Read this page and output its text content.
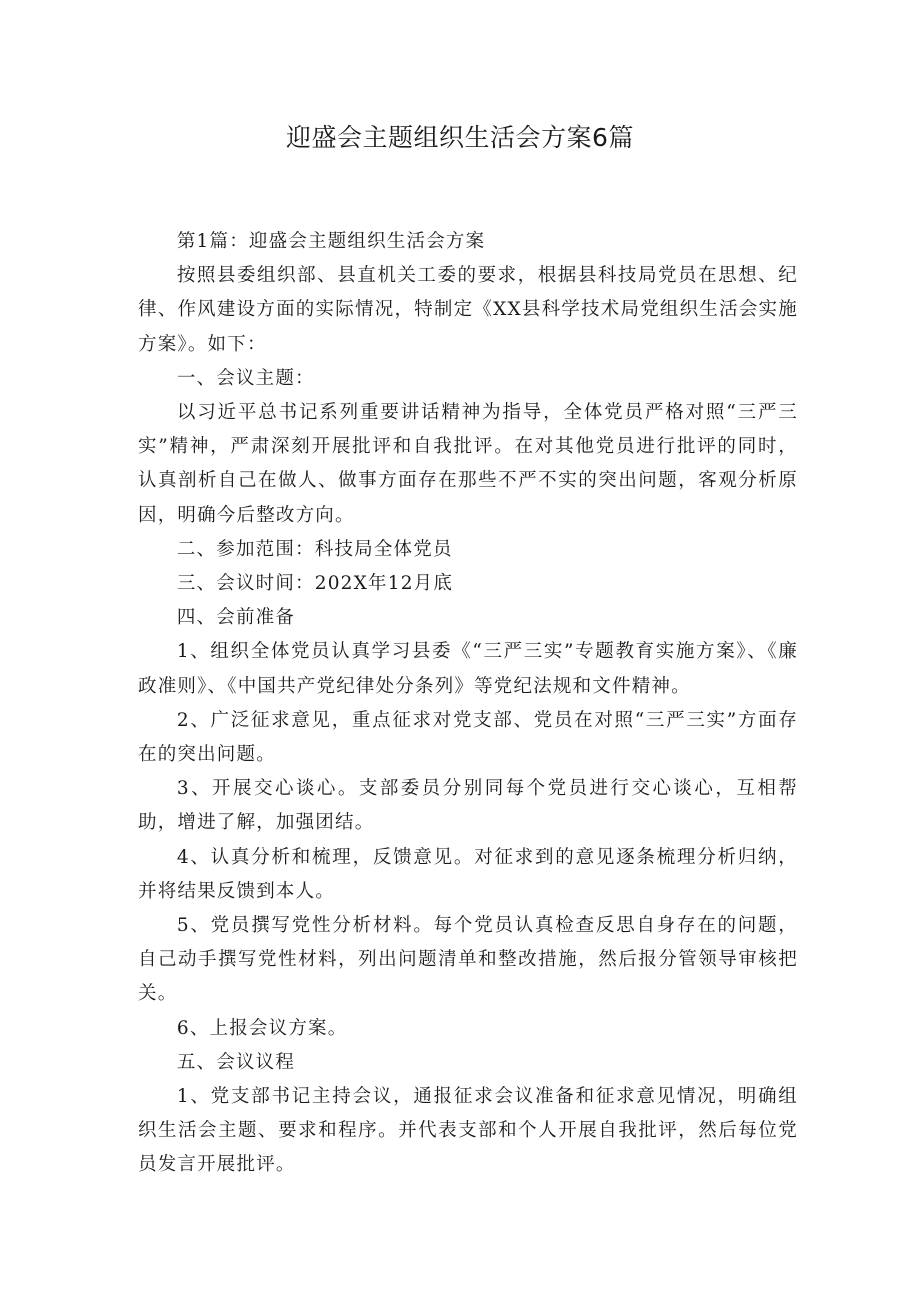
迎盛会主题组织生活会方案6篇

第1篇：迎盛会主题组织生活会方案

按照县委组织部、县直机关工委的要求，根据县科技局党员在思想、纪律、作风建设方面的实际情况，特制定《XX县科学技术局党组织生活会实施方案》。如下：

一、会议主题：

以习近平总书记系列重要讲话精神为指导，全体党员严格对照“三严三实”精神，严肃深刻开展批评和自我批评。在对其他党员进行批评的同时，认真剖析自己在做人、做事方面存在那些不严不实的突出问题，客观分析原因，明确今后整改方向。

二、参加范围：科技局全体党员

三、会议时间：202X年12月底

四、会前准备

1、组织全体党员认真学习县委《“三严三实”专题教育实施方案》、《廉政准则》、《中国共产党纪律处分条列》等党纪法规和文件精神。

2、广泛征求意见，重点征求对党支部、党员在对照“三严三实”方面存在的突出问题。

3、开展交心谈心。支部委员分别同每个党员进行交心谈心，互相帮助，增进了解，加强团结。

4、认真分析和梳理，反馈意见。对征求到的意见逐条梳理分析归纳，并将结果反馈到本人。

5、党员撰写党性分析材料。每个党员认真检查反思自身存在的问题，自己动手撰写党性材料，列出问题清单和整改措施，然后报分管领导审核把关。

6、上报会议方案。

五、会议议程

1、党支部书记主持会议，通报征求会议准备和征求意见情况，明确组织生活会主题、要求和程序。并代表支部和个人开展自我批评，然后每位党员发言开展批评。
